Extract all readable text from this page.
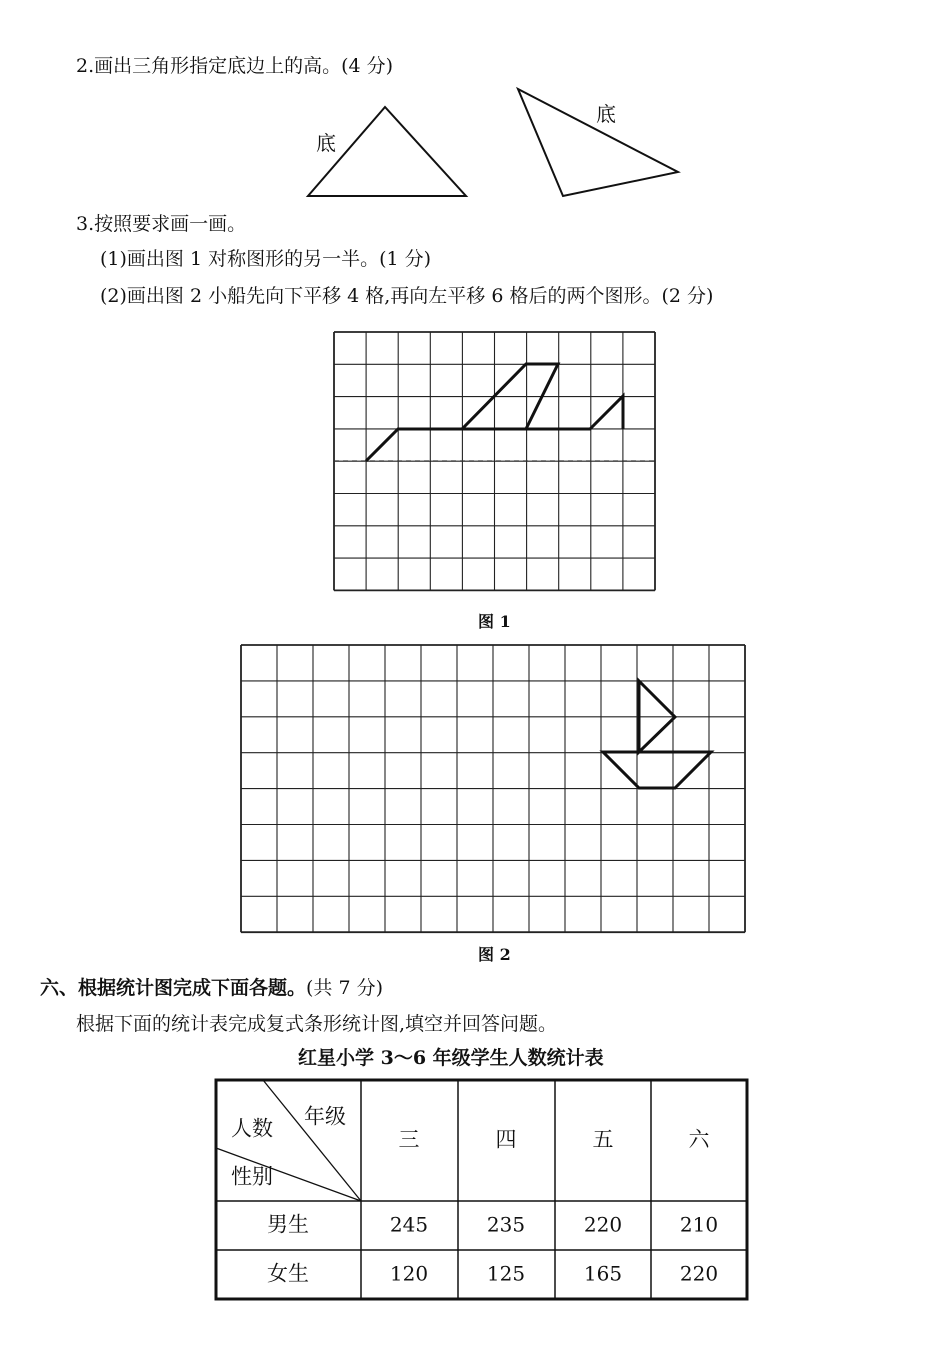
2.画出三角形指定底边上的高。(4 分)
底
底
3.按照要求画一画。
(1)画出图 1 对称图形的另一半。(1 分)
(2)画出图 2 小船先向下平移 4 格,再向左平移 6 格后的两个图形。(2 分)
图 1
图 2
六、根据统计图完成下面各题。(共 7 分)
根据下面的统计表完成复式条形统计图,填空并回答问题。
红星小学 3～6 年级学生人数统计表
年级
人数
性别
三	四	五	六
男生	245	235	220	210
女生	120	125	165	220
